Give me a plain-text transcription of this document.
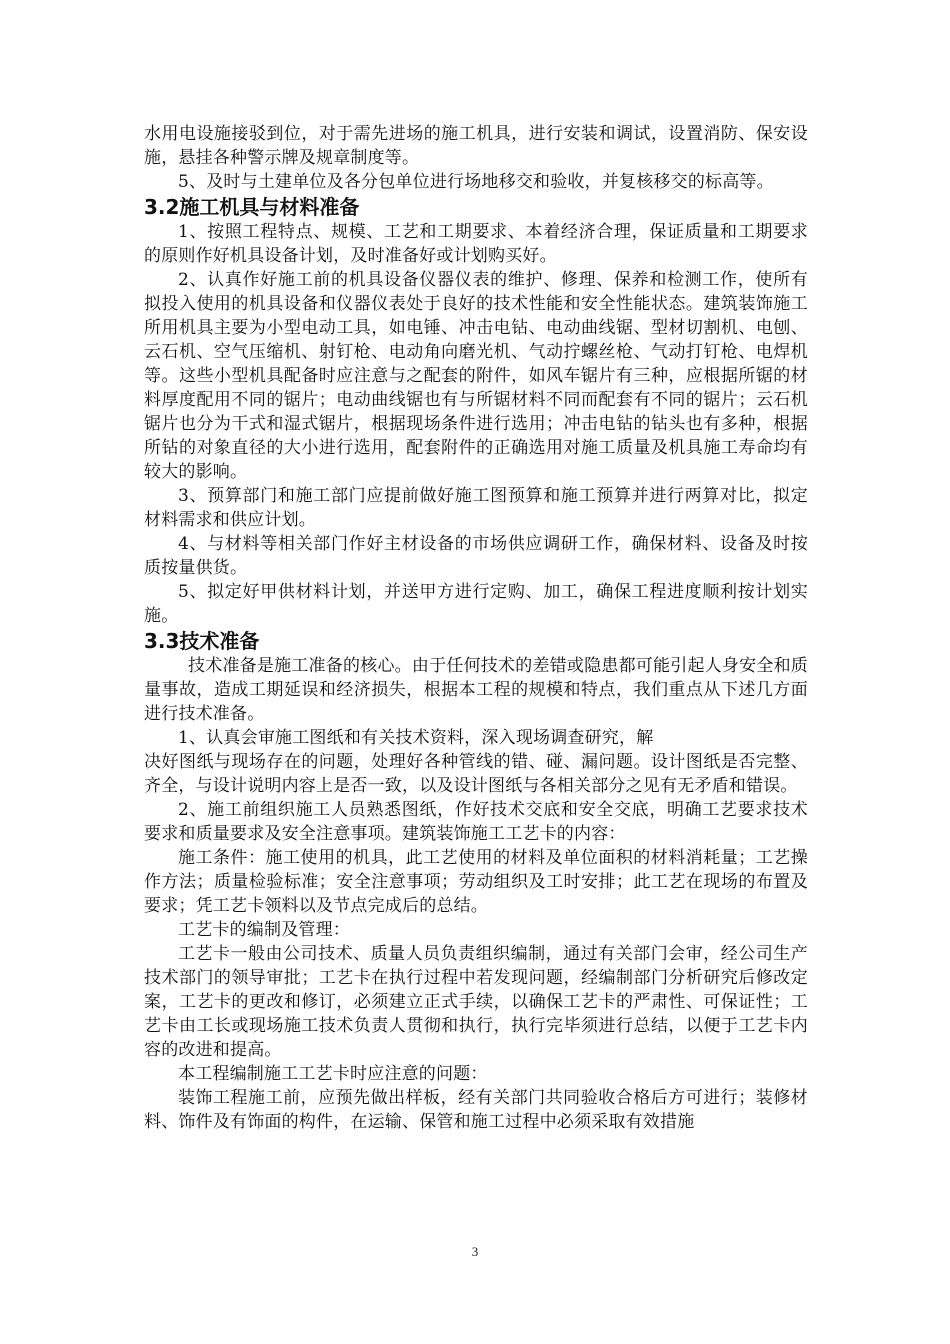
水用电设施接驳到位，对于需先进场的施工机具，进行安装和调试，设置消防、保安设施，悬挂各种警示牌及规章制度等。

5、及时与土建单位及各分包单位进行场地移交和验收，并复核移交的标高等。

3.2施工机具与材料准备

1、按照工程特点、规模、工艺和工期要求、本着经济合理，保证质量和工期要求的原则作好机具设备计划，及时准备好或计划购买好。

2、认真作好施工前的机具设备仪器仪表的维护、修理、保养和检测工作，使所有拟投入使用的机具设备和仪器仪表处于良好的技术性能和安全性能状态。建筑装饰施工所用机具主要为小型电动工具，如电锤、冲击电钻、电动曲线锯、型材切割机、电刨、云石机、空气压缩机、射钉枪、电动角向磨光机、气动拧螺丝枪、气动打钉枪、电焊机等。这些小型机具配备时应注意与之配套的附件，如风车锯片有三种，应根据所锯的材料厚度配用不同的锯片；电动曲线锯也有与所锯材料不同而配套有不同的锯片；云石机锯片也分为干式和湿式锯片，根据现场条件进行选用；冲击电钻的钻头也有多种，根据所钻的对象直径的大小进行选用，配套附件的正确选用对施工质量及机具施工寿命均有较大的影响。

3、预算部门和施工部门应提前做好施工图预算和施工预算并进行两算对比，拟定材料需求和供应计划。

4、与材料等相关部门作好主材设备的市场供应调研工作，确保材料、设备及时按质按量供货。

5、拟定好甲供材料计划，并送甲方进行定购、加工，确保工程进度顺利按计划实施。

3.3技术准备

技术准备是施工准备的核心。由于任何技术的差错或隐患都可能引起人身安全和质量事故，造成工期延误和经济损失，根据本工程的规模和特点，我们重点从下述几方面进行技术准备。

1、认真会审施工图纸和有关技术资料，深入现场调查研究，解

决好图纸与现场存在的问题，处理好各种管线的错、碰、漏问题。设计图纸是否完整、齐全，与设计说明内容上是否一致，以及设计图纸与各相关部分之见有无矛盾和错误。

2、施工前组织施工人员熟悉图纸，作好技术交底和安全交底，明确工艺要求技术要求和质量要求及安全注意事项。建筑装饰施工工艺卡的内容：

施工条件：施工使用的机具，此工艺使用的材料及单位面积的材料消耗量；工艺操作方法；质量检验标准；安全注意事项；劳动组织及工时安排；此工艺在现场的布置及要求；凭工艺卡领料以及节点完成后的总结。

工艺卡的编制及管理：

工艺卡一般由公司技术、质量人员负责组织编制，通过有关部门会审，经公司生产技术部门的领导审批；工艺卡在执行过程中若发现问题，经编制部门分析研究后修改定案，工艺卡的更改和修订，必须建立正式手续，以确保工艺卡的严肃性、可保证性；工艺卡由工长或现场施工技术负责人贯彻和执行，执行完毕须进行总结，以便于工艺卡内容的改进和提高。

本工程编制施工工艺卡时应注意的问题：

装饰工程施工前，应预先做出样板，经有关部门共同验收合格后方可进行；装修材料、饰件及有饰面的构件，在运输、保管和施工过程中必须采取有效措施

3
